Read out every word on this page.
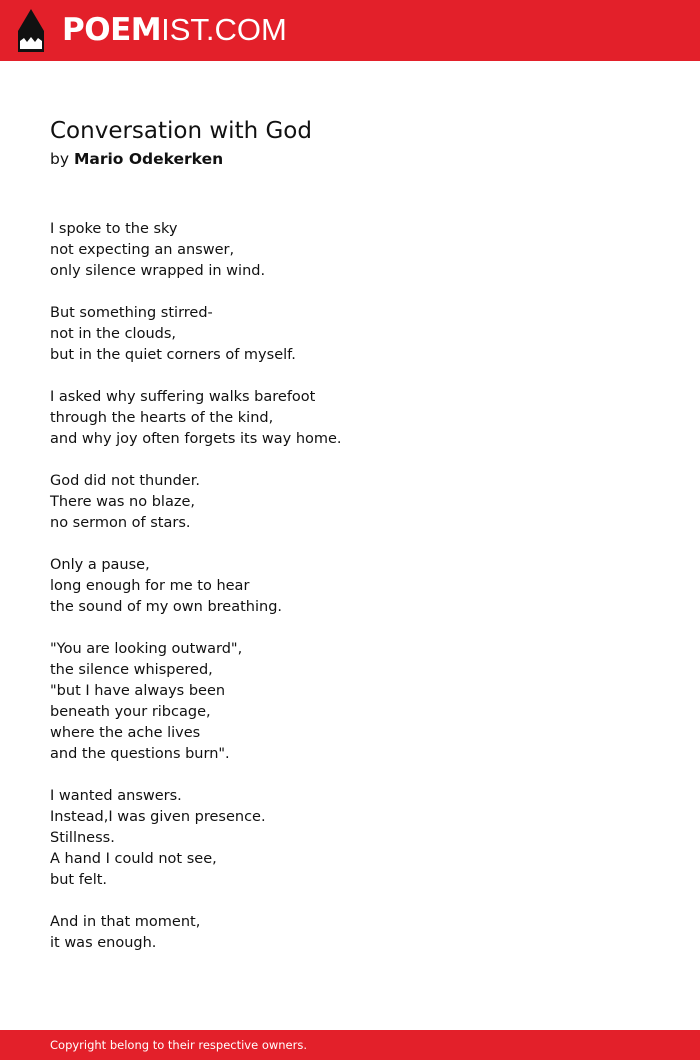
POEMIST.COM
Conversation with God
by Mario Odekerken
I spoke to the sky
not expecting an answer,
only silence wrapped in wind.
But something stirred-
not in the clouds,
but in the quiet corners of myself.
I asked why suffering walks barefoot
through the hearts of the kind,
and why joy often forgets its way home.
God did not thunder.
There was no blaze,
no sermon of stars.
Only a pause,
long enough for me to hear
the sound of my own breathing.
"You are looking outward",
the silence whispered,
"but I have always been
beneath your ribcage,
where the ache lives
and the questions burn".
I wanted answers.
Instead,I was given presence.
Stillness.
A hand I could not see,
but felt.
And in that moment,
it was enough.
Copyright belong to their respective owners.
